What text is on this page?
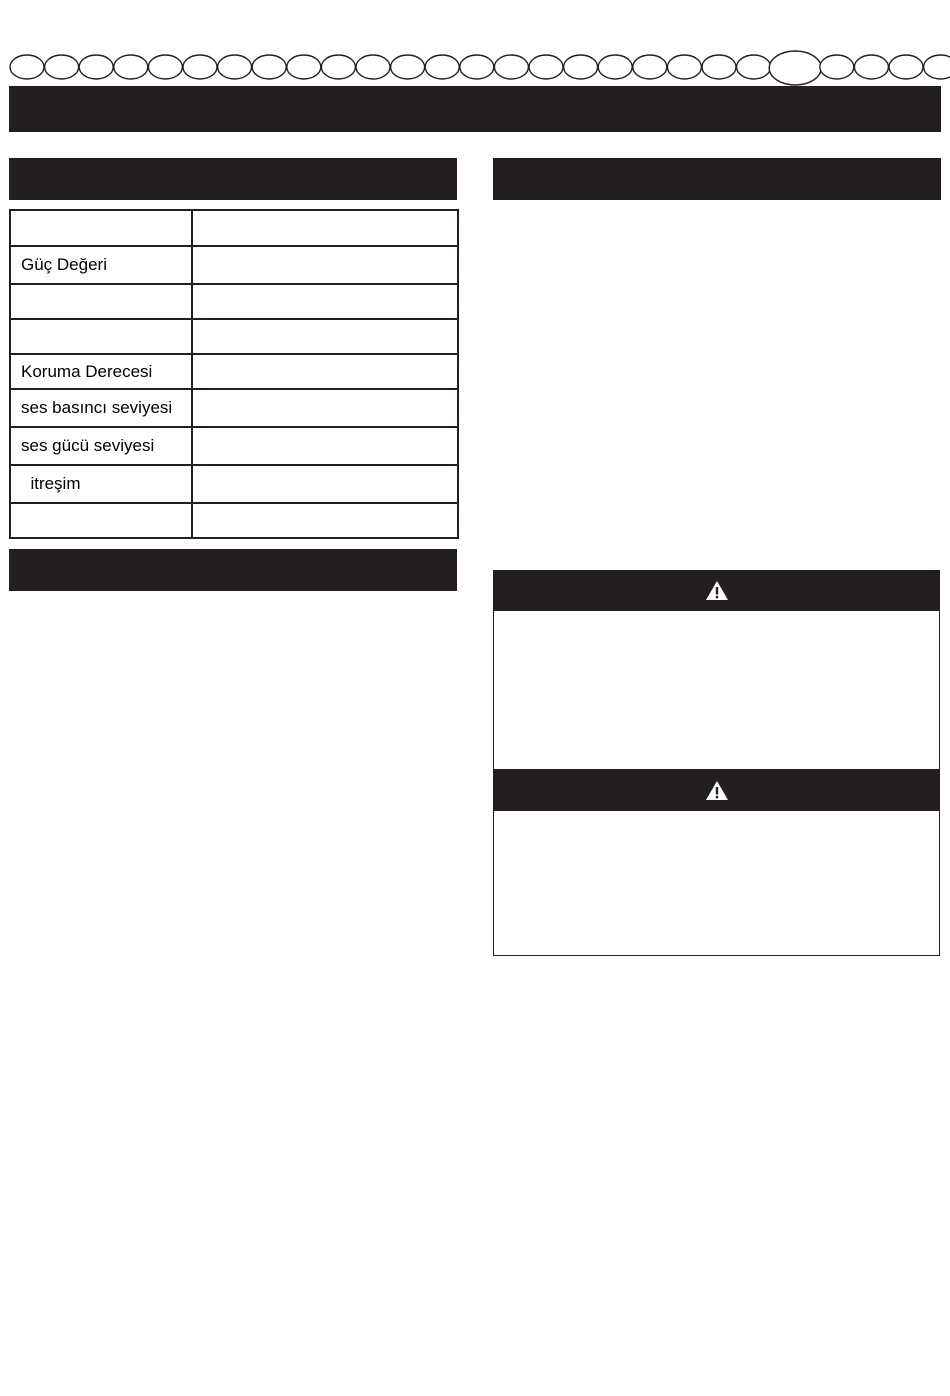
Güç Değeri	

Koruma Derecesi	
ses basıncı seviyesi	
ses gücü seviyesi	
itreşim	
